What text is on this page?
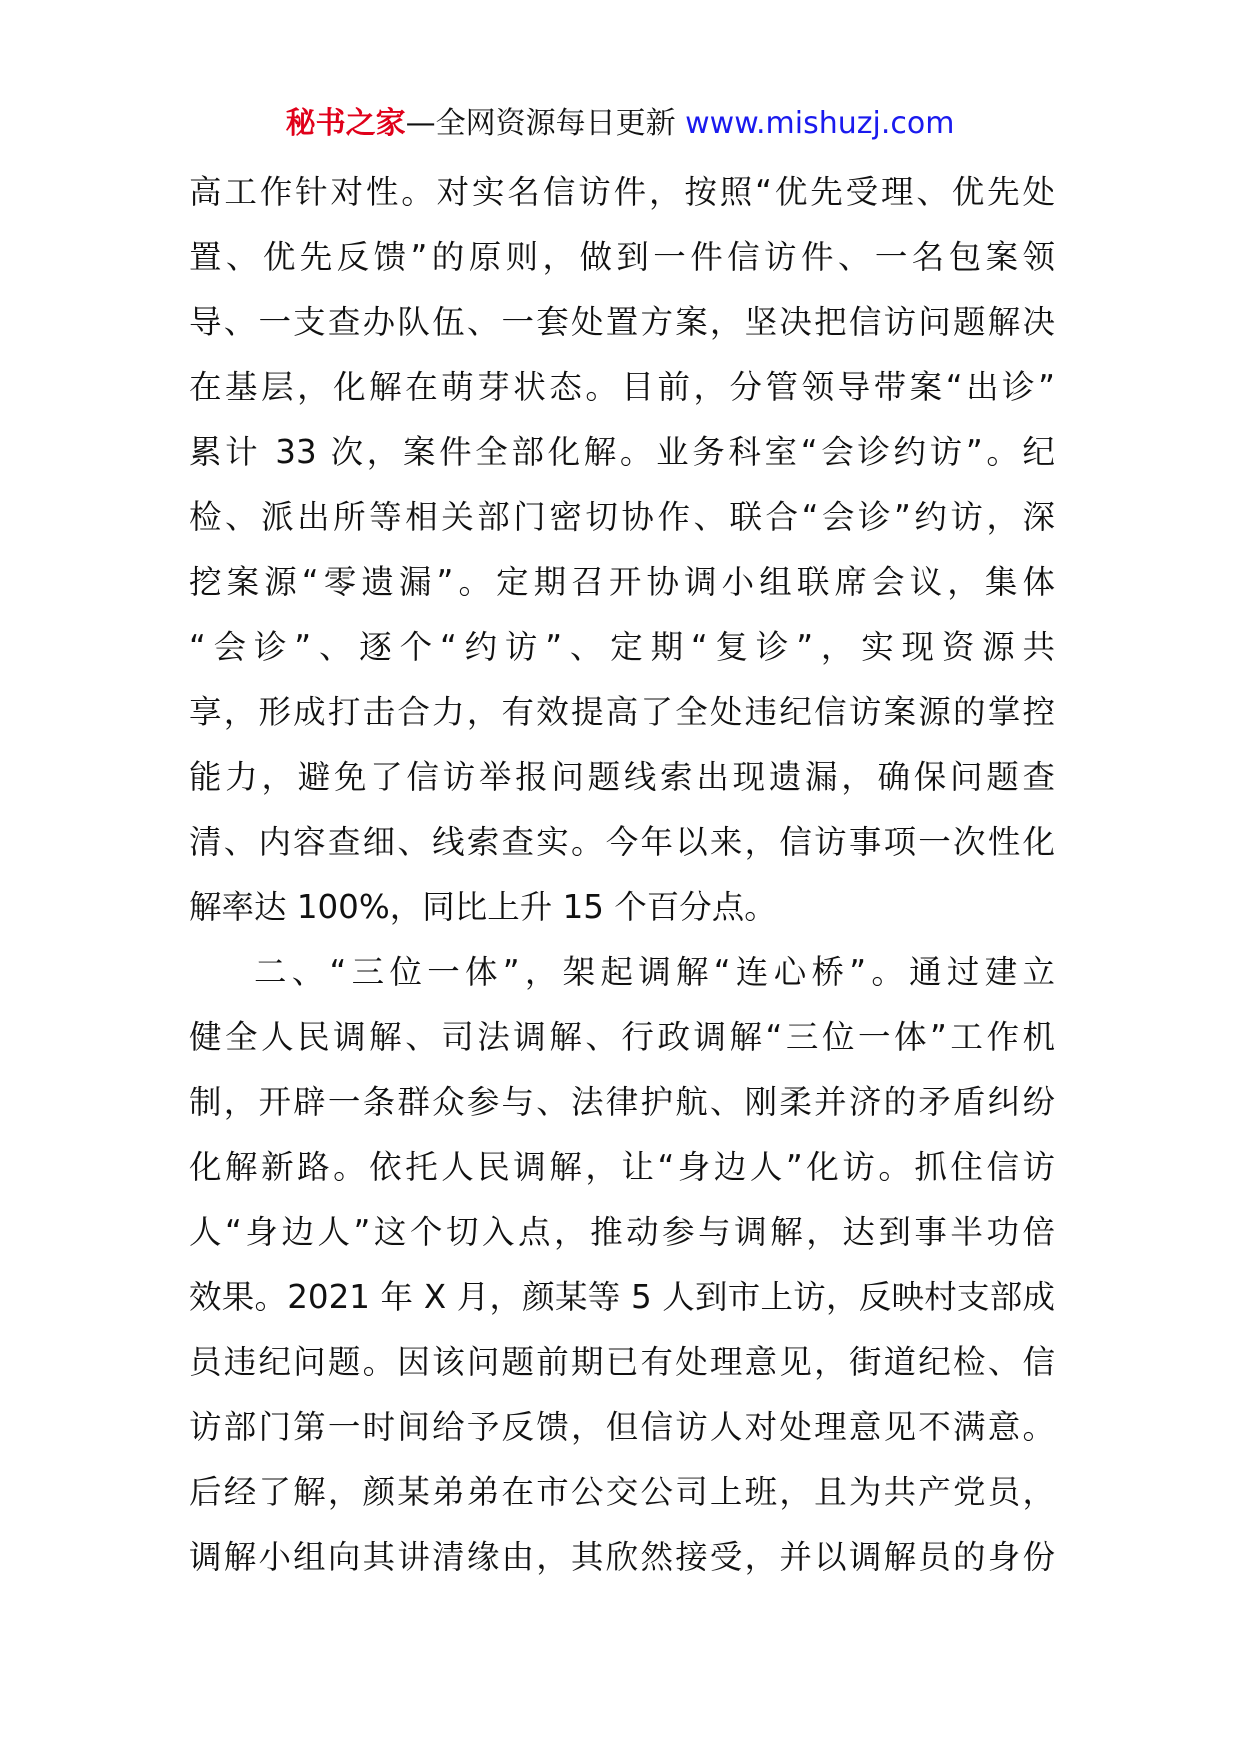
秘书之家—全网资源每日更新 www.mishuzj.com
高工作针对性。对实名信访件，按照“优先受理、优先处
置、优先反馈”的原则，做到一件信访件、一名包案领
导、一支查办队伍、一套处置方案，坚决把信访问题解决
在基层，化解在萌芽状态。目前，分管领导带案“出诊”
累计 33 次，案件全部化解。业务科室“会诊约访”。纪
检、派出所等相关部门密切协作、联合“会诊”约访，深
挖案源“零遗漏”。定期召开协调小组联席会议，集体
“会诊”、逐个“约访”、定期“复诊”，实现资源共
享，形成打击合力，有效提高了全处违纪信访案源的掌控
能力，避免了信访举报问题线索出现遗漏，确保问题查
清、内容查细、线索查实。今年以来，信访事项一次性化
解率达 100%，同比上升 15 个百分点。
二、“三位一体”，架起调解“连心桥”。通过建立
健全人民调解、司法调解、行政调解“三位一体”工作机
制，开辟一条群众参与、法律护航、刚柔并济的矛盾纠纷
化解新路。依托人民调解，让“身边人”化访。抓住信访
人“身边人”这个切入点，推动参与调解，达到事半功倍
效果。2021 年 X 月，颜某等 5 人到市上访，反映村支部成
员违纪问题。因该问题前期已有处理意见，街道纪检、信
访部门第一时间给予反馈，但信访人对处理意见不满意。
后经了解，颜某弟弟在市公交公司上班，且为共产党员，
调解小组向其讲清缘由，其欣然接受，并以调解员的身份
